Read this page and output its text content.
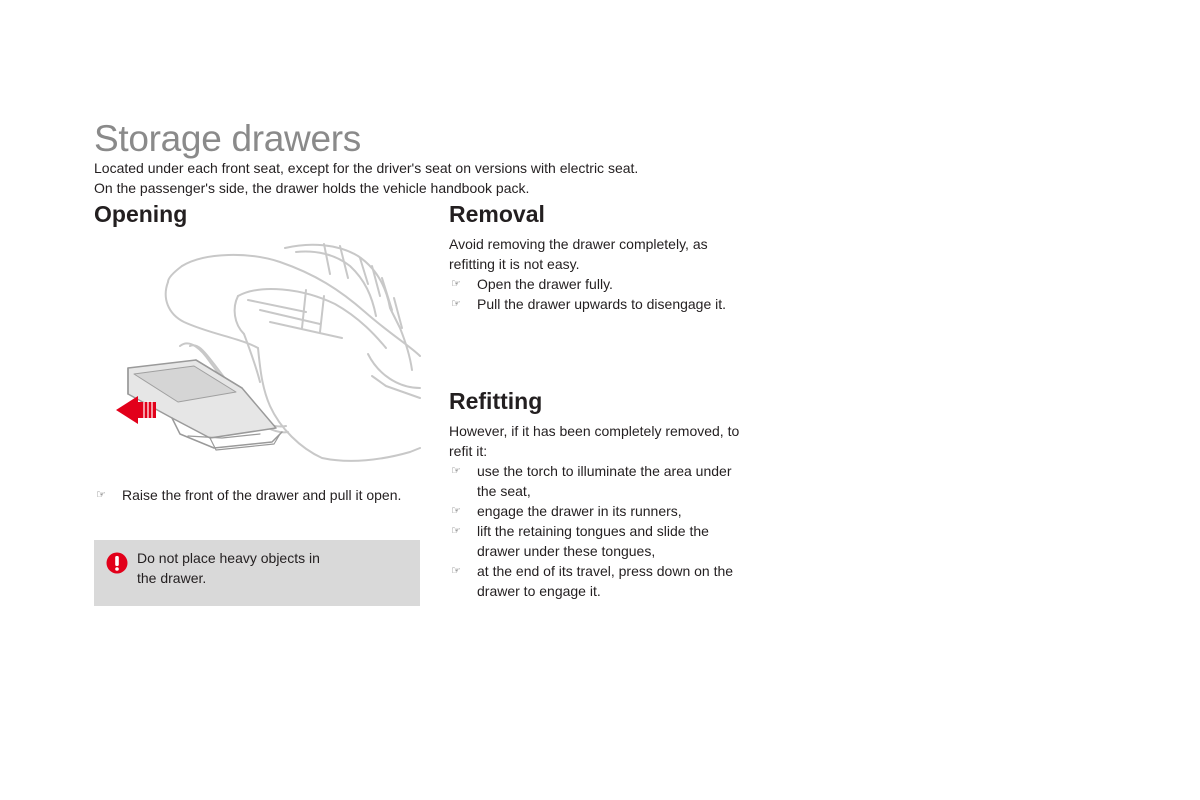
Storage drawers
Located under each front seat, except for the driver's seat on versions with electric seat.
On the passenger's side, the drawer holds the vehicle handbook pack.
Opening
☞ Raise the front of the drawer and pull it open.
Do not place heavy objects in
the drawer.
Removal
Avoid removing the drawer completely, as
refitting it is not easy.
☞ Open the drawer fully.
☞ Pull the drawer upwards to disengage it.
Refitting
However, if it has been completely removed, to
refit it:
☞ use the torch to illuminate the area under
the seat,
☞ engage the drawer in its runners,
☞ lift the retaining tongues and slide the
drawer under these tongues,
☞ at the end of its travel, press down on the
drawer to engage it.
